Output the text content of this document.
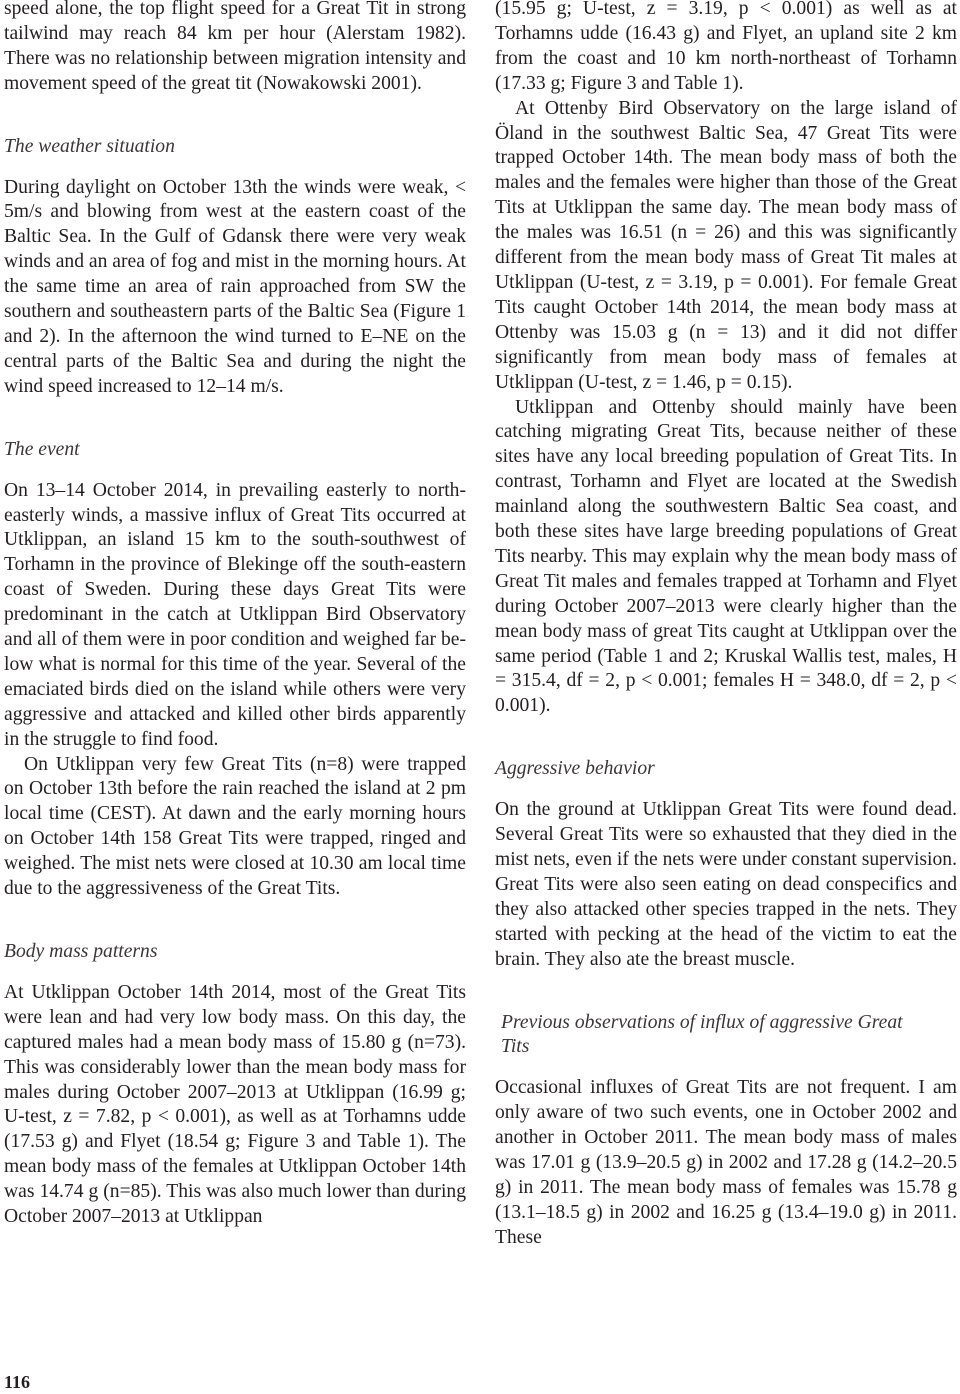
speed alone, the top flight speed for a Great Tit in strong tailwind may reach 84 km per hour (Alerstam 1982). There was no relationship between migration intensity and movement speed of the great tit (Nowakowski 2001).

The weather situation

During daylight on October 13th the winds were weak, < 5m/s and blowing from west at the eastern coast of the Baltic Sea. In the Gulf of Gdansk there were very weak winds and an area of fog and mist in the morning hours. At the same time an area of rain approached from SW the southern and southeastern parts of the Baltic Sea (Figure 1 and 2). In the afternoon the wind turned to E–NE on the central parts of the Baltic Sea and during the night the wind speed increased to 12–14 m/s.

The event

On 13–14 October 2014, in prevailing easterly to north-easterly winds, a massive influx of Great Tits occurred at Utklippan, an island 15 km to the south-southwest of Torhamn in the province of Blekinge off the south-eastern coast of Sweden. During these days Great Tits were predominant in the catch at Utklippan Bird Observatory and all of them were in poor condition and weighed far below what is normal for this time of the year. Several of the emaciated birds died on the island while others were very aggressive and attacked and killed other birds apparently in the struggle to find food.

On Utklippan very few Great Tits (n=8) were trapped on October 13th before the rain reached the island at 2 pm local time (CEST). At dawn and the early morning hours on October 14th 158 Great Tits were trapped, ringed and weighed. The mist nets were closed at 10.30 am local time due to the aggressiveness of the Great Tits.

Body mass patterns

At Utklippan October 14th 2014, most of the Great Tits were lean and had very low body mass. On this day, the captured males had a mean body mass of 15.80 g (n=73). This was considerably lower than the mean body mass for males during October 2007–2013 at Utklippan (16.99 g; U-test, z = 7.82, p < 0.001), as well as at Torhamns udde (17.53 g) and Flyet (18.54 g; Figure 3 and Table 1). The mean body mass of the females at Utklippan October 14th was 14.74 g (n=85). This was also much lower than during October 2007–2013 at Utklippan

(15.95 g; U-test, z = 3.19, p < 0.001) as well as at Torhamns udde (16.43 g) and Flyet, an upland site 2 km from the coast and 10 km north-northeast of Torhamn (17.33 g; Figure 3 and Table 1).

At Ottenby Bird Observatory on the large island of Öland in the southwest Baltic Sea, 47 Great Tits were trapped October 14th. The mean body mass of both the males and the females were higher than those of the Great Tits at Utklippan the same day. The mean body mass of the males was 16.51 (n = 26) and this was significantly different from the mean body mass of Great Tit males at Utklippan (U-test, z = 3.19, p = 0.001). For female Great Tits caught October 14th 2014, the mean body mass at Ottenby was 15.03 g (n = 13) and it did not differ significantly from mean body mass of females at Utklippan (U-test, z = 1.46, p = 0.15).

Utklippan and Ottenby should mainly have been catching migrating Great Tits, because neither of these sites have any local breeding population of Great Tits. In contrast, Torhamn and Flyet are located at the Swedish mainland along the southwestern Baltic Sea coast, and both these sites have large breeding populations of Great Tits nearby. This may explain why the mean body mass of Great Tit males and females trapped at Torhamn and Flyet during October 2007–2013 were clearly higher than the mean body mass of great Tits caught at Utklippan over the same period (Table 1 and 2; Kruskal Wallis test, males, H = 315.4, df = 2, p < 0.001; females H = 348.0, df = 2, p < 0.001).

Aggressive behavior

On the ground at Utklippan Great Tits were found dead. Several Great Tits were so exhausted that they died in the mist nets, even if the nets were under constant supervision. Great Tits were also seen eating on dead conspecifics and they also attacked other species trapped in the nets. They started with pecking at the head of the victim to eat the brain. They also ate the breast muscle.

Previous observations of influx of aggressive Great Tits

Occasional influxes of Great Tits are not frequent. I am only aware of two such events, one in October 2002 and another in October 2011. The mean body mass of males was 17.01 g (13.9–20.5 g) in 2002 and 17.28 g (14.2–20.5 g) in 2011. The mean body mass of females was 15.78 g (13.1–18.5 g) in 2002 and 16.25 g (13.4–19.0 g) in 2011. These

116
